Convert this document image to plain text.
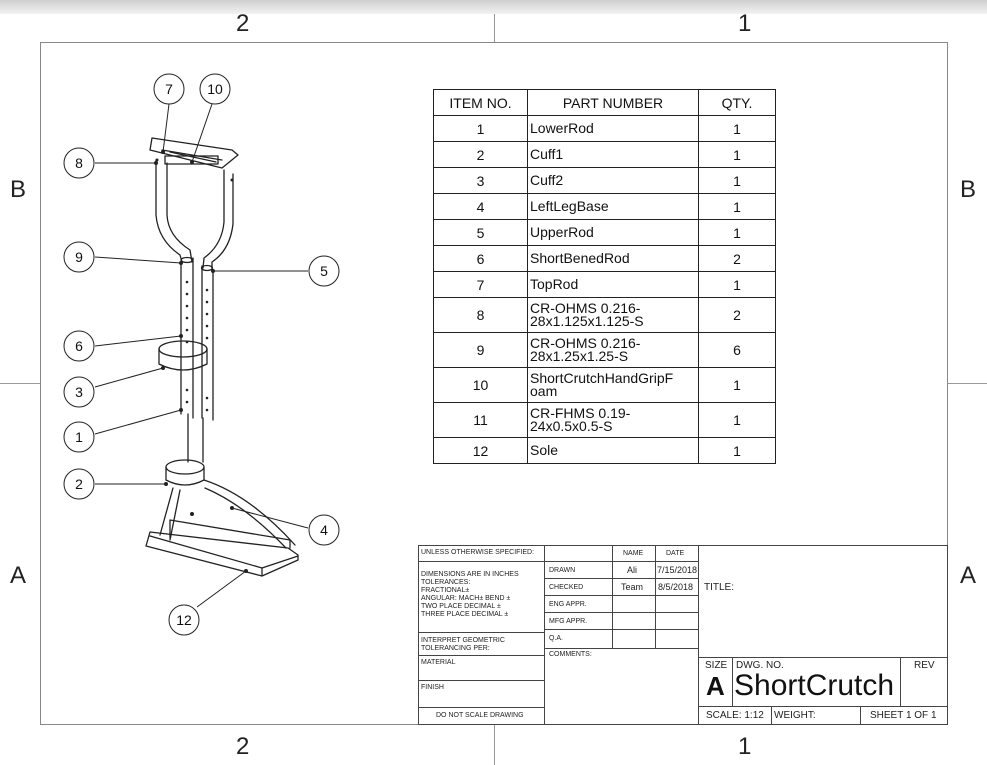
2	1
2	1
B
A
B
A
7 10
8
9
5
6
3
1
2
4
12
ITEM NO.	PART NUMBER	QTY.
1	LowerRod	1
2	Cuff1	1
3	Cuff2	1
4	LeftLegBase	1
5	UpperRod	1
6	ShortBenedRod	2
7	TopRod	1
8	CR-OHMS 0.216-
28x1.125x1.125-S	2
9	CR-OHMS 0.216-
28x1.25x1.25-S	6
10	ShortCrutchHandGripF
oam	1
11	CR-FHMS 0.19-
24x0.5x0.5-S	1
12	Sole	1
UNLESS OTHERWISE SPECIFIED:
DIMENSIONS ARE IN INCHES
TOLERANCES:
FRACTIONAL±
ANGULAR: MACH± BEND ±
TWO PLACE DECIMAL ±
THREE PLACE DECIMAL ±
INTERPRET GEOMETRIC
TOLERANCING PER:
MATERIAL
FINISH
DO NOT SCALE DRAWING
NAME	DATE
DRAWN	Ali 7/15/2018
CHECKED	Team 8/5/2018
ENG APPR.
MFG APPR.
Q.A.
COMMENTS:
TITLE:
SIZE
A
DWG. NO.
ShortCrutch
REV
SCALE: 1:12 WEIGHT:	SHEET 1 OF 1
